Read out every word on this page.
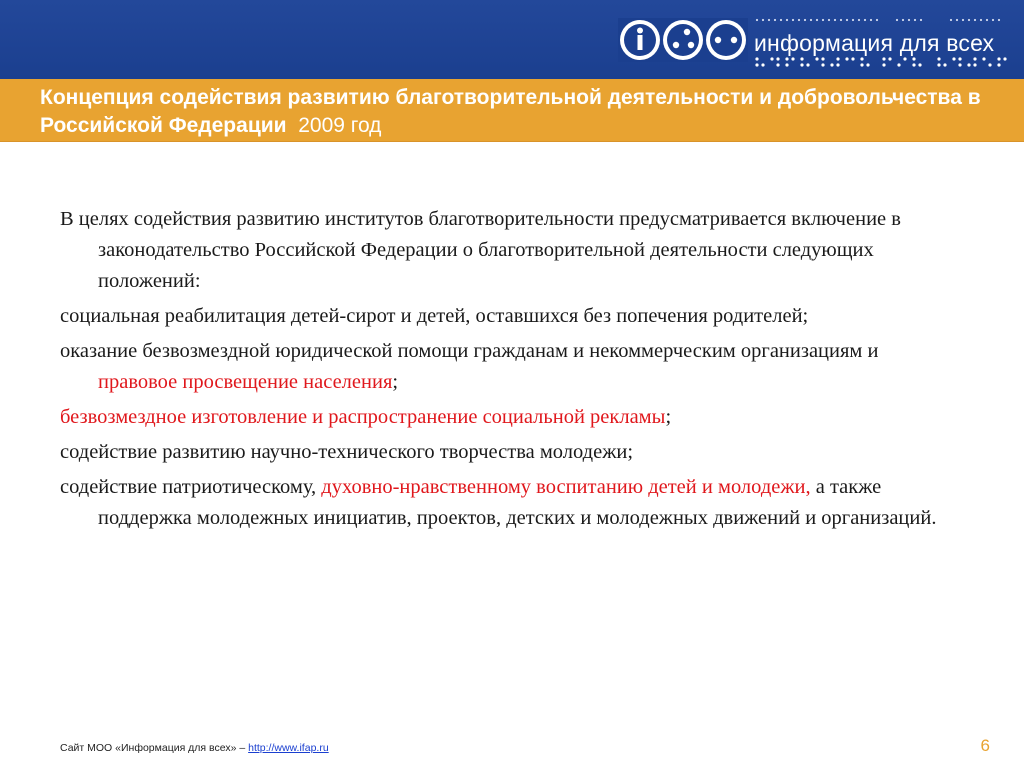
информация для всех
Концепция содействия развитию благотворительной деятельности и добровольчества в Российской Федерации 2009 год

В целях содействия развитию институтов благотворительности предусматривается включение в законодательство Российской Федерации о благотворительной деятельности следующих положений:

социальная реабилитация детей-сирот и детей, оставшихся без попечения родителей;

оказание безвозмездной юридической помощи гражданам и некоммерческим организациям и правовое просвещение населения;

безвозмездное изготовление и распространение социальной рекламы;

содействие развитию научно-технического творчества молодежи;

содействие патриотическому, духовно-нравственному воспитанию детей и молодежи, а также поддержка молодежных инициатив, проектов, детских и молодежных движений и организаций.

Сайт МОО «Информация для всех» – http://www.ifap.ru	6
